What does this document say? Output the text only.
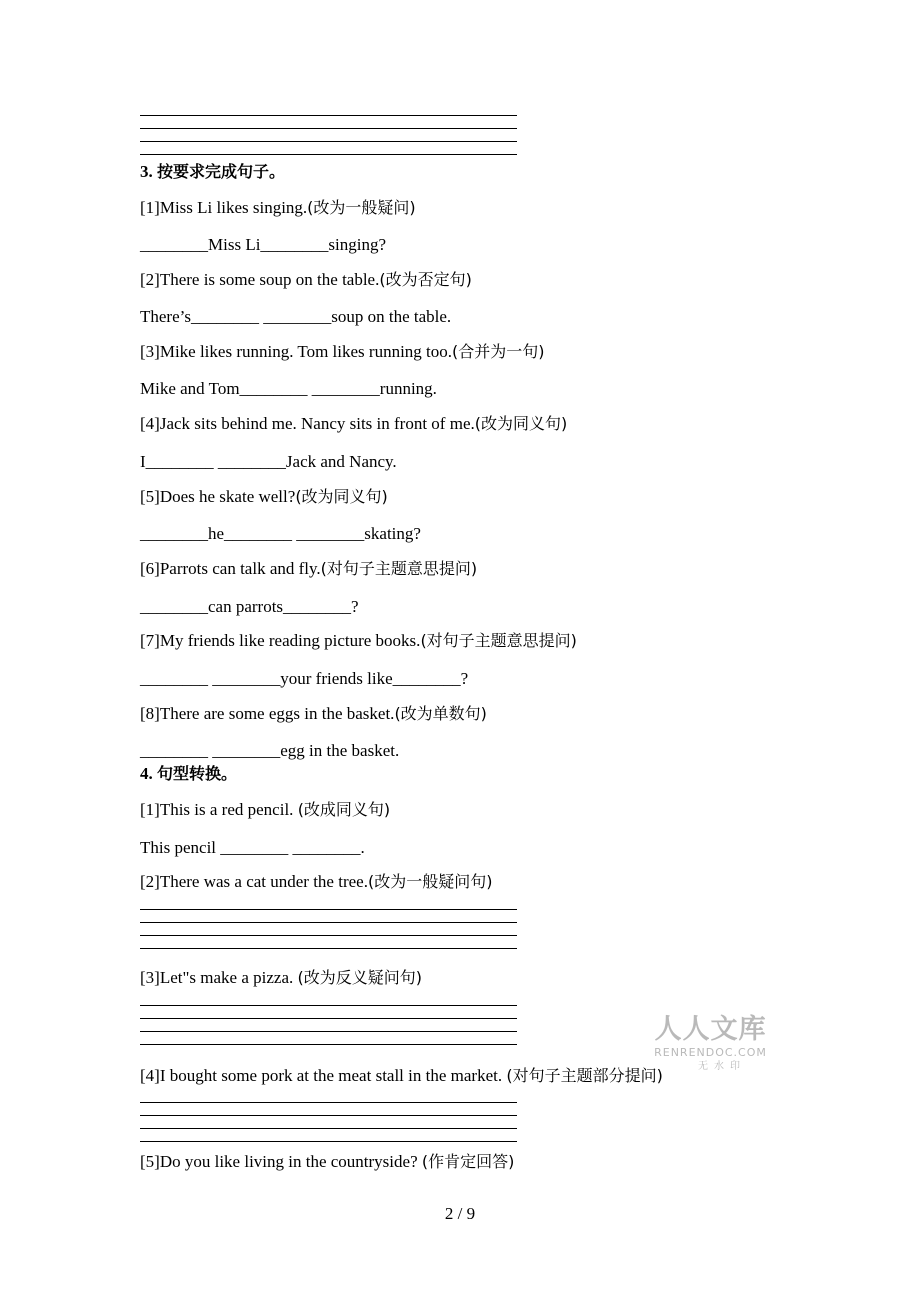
3. 按要求完成句子。
[1]Miss Li likes singing.(改为一般疑问)
________Miss Li________singing?
[2]There is some soup on the table.(改为否定句)
There’s________ ________soup on the table.
[3]Mike likes running. Tom likes running too.(合并为一句)
Mike and Tom________ ________running.
[4]Jack sits behind me. Nancy sits in front of me.(改为同义句)
I________ ________Jack and Nancy.
[5]Does he skate well?(改为同义句)
________he________ ________skating?
[6]Parrots can talk and fly.(对句子主题意思提问)
________can parrots________?
[7]My friends like reading picture books.(对句子主题意思提问)
________ ________your friends like________?
[8]There are some eggs in the basket.(改为单数句)
________ ________egg in the basket.
4. 句型转换。
[1]This is a red pencil. (改成同义句)
This pencil ________ ________.
[2]There was a cat under the tree.(改为一般疑问句)
[3]Let"s make a pizza. (改为反义疑问句)
[4]I bought some pork at the meat stall in the market. (对句子主题部分提问)
[5]Do you like living in the countryside? (作肯定回答)
人人文库
RENRENDOC.COM
无水印
2 / 9
